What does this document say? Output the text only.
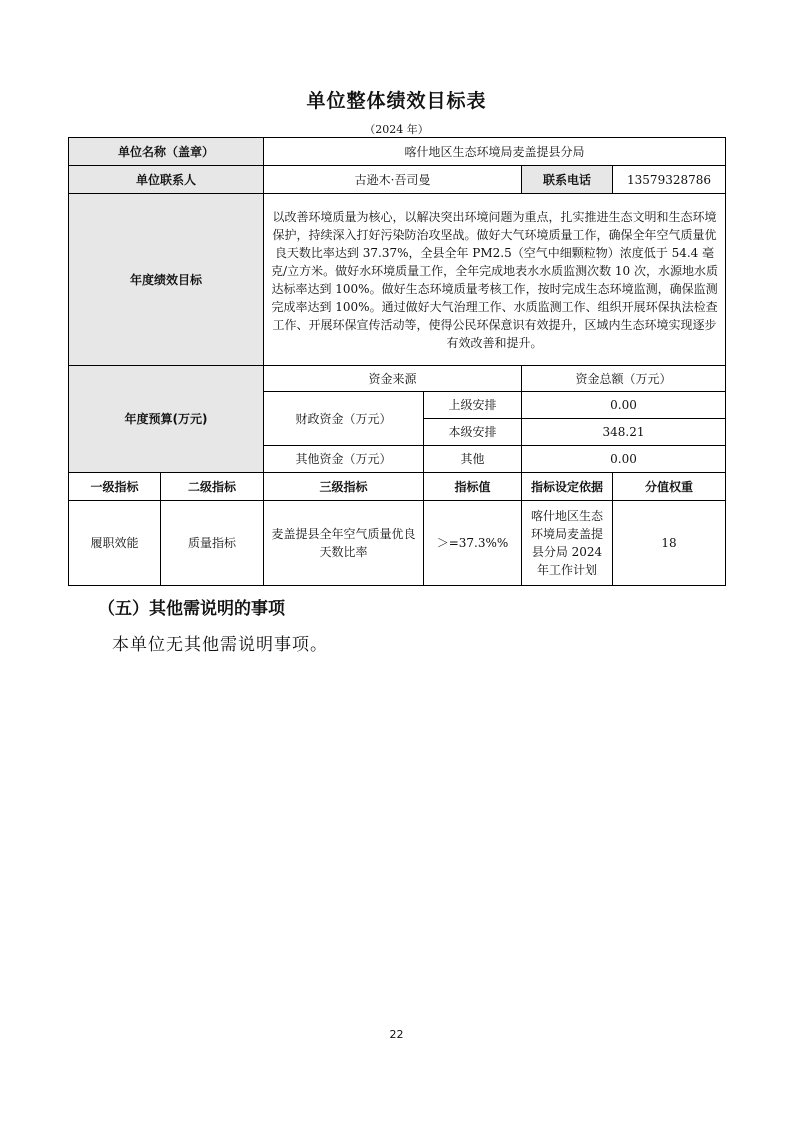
单位整体绩效目标表
（2024 年）
单位名称（盖章）		喀什地区生态环境局麦盖提县分局			
单位联系人		古逊木·吾司曼		联系电话	13579328786
年度绩效目标		以改善环境质量为核心，以解决突出环境问题为重点，扎实推进生态文明和生态环境保护，持续深入打好污染防治攻坚战。做好大气环境质量工作，确保全年空气质量优良天数比率达到 37.37%，全县全年 PM2.5（空气中细颗粒物）浓度低于 54.4 毫克/立方米。做好水环境质量工作，全年完成地表水水质监测次数 10 次，水源地水质达标率达到 100%。做好生态环境质量考核工作，按时完成生态环境监测，确保监测完成率达到 100%。通过做好大气治理工作、水质监测工作、组织开展环保执法检查工作、开展环保宣传活动等，使得公民环保意识有效提升，区域内生态环境实现逐步有效改善和提升。			
年度预算(万元)		资金来源		资金总额（万元）	
		财政资金（万元）	上级安排	0.00	
			本级安排	348.21	
		其他资金（万元）	其他	0.00	
一级指标	二级指标	三级指标	指标值	指标设定依据	分值权重
履职效能	质量指标	麦盖提县全年空气质量优良天数比率	＞=37.3%%	喀什地区生态环境局麦盖提县分局 2024 年工作计划	18
（五）其他需说明的事项
本单位无其他需说明事项。
22
